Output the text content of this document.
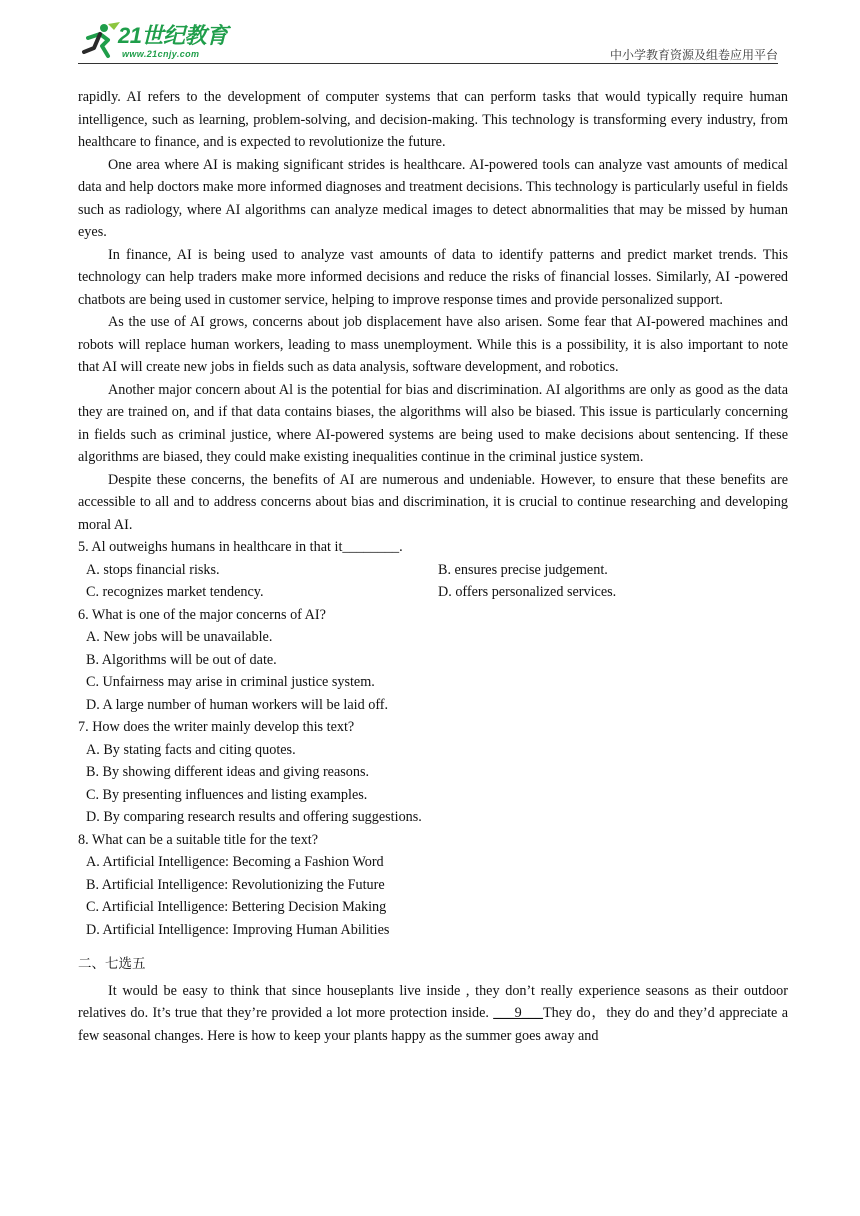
21世纪教育
www.21cnjy.com	中小学教育资源及组卷应用平台

rapidly. AI refers to the development of computer systems that can perform tasks that would typically require human intelligence, such as learning, problem-solving, and decision-making. This technology is transforming every industry, from healthcare to finance, and is expected to revolutionize the future.

One area where AI is making significant strides is healthcare. AI-powered tools can analyze vast amounts of medical data and help doctors make more informed diagnoses and treatment decisions. This technology is particularly useful in fields such as radiology, where AI algorithms can analyze medical images to detect abnormalities that may be missed by human eyes.

In finance, AI is being used to analyze vast amounts of data to identify patterns and predict market trends. This technology can help traders make more informed decisions and reduce the risks of financial losses. Similarly, AI -powered chatbots are being used in customer service, helping to improve response times and provide personalized support.

As the use of AI grows, concerns about job displacement have also arisen. Some fear that AI-powered machines and robots will replace human workers, leading to mass unemployment. While this is a possibility, it is also important to note that AI will create new jobs in fields such as data analysis, software development, and robotics.

Another major concern about Al is the potential for bias and discrimination. AI algorithms are only as good as the data they are trained on, and if that data contains biases, the algorithms will also be biased. This issue is particularly concerning in fields such as criminal justice, where AI-powered systems are being used to make decisions about sentencing. If these algorithms are biased, they could make existing inequalities continue in the criminal justice system.

Despite these concerns, the benefits of AI are numerous and undeniable. However, to ensure that these benefits are accessible to all and to address concerns about bias and discrimination, it is crucial to continue researching and developing moral AI.

5. Al outweighs humans in healthcare in that it________.

A. stops financial risks.	B. ensures precise judgement.

C. recognizes market tendency.	D. offers personalized services.

6. What is one of the major concerns of AI?

A. New jobs will be unavailable.

B. Algorithms will be out of date.

C. Unfairness may arise in criminal justice system.

D. A large number of human workers will be laid off.

7. How does the writer mainly develop this text?

A. By stating facts and citing quotes.

B. By showing different ideas and giving reasons.

C. By presenting influences and listing examples.

D. By comparing research results and offering suggestions.

8. What can be a suitable title for the text?

A. Artificial Intelligence: Becoming a Fashion Word

B. Artificial Intelligence: Revolutionizing the Future

C. Artificial Intelligence: Bettering Decision Making

D. Artificial Intelligence: Improving Human Abilities

二、七选五

It would be easy to think that since houseplants live inside , they don’t really experience seasons as their outdoor relatives do. It’s true that they’re provided a lot more protection inside. ___9___They do，they do and they’d appreciate a few seasonal changes. Here is how to keep your plants happy as the summer goes away and
